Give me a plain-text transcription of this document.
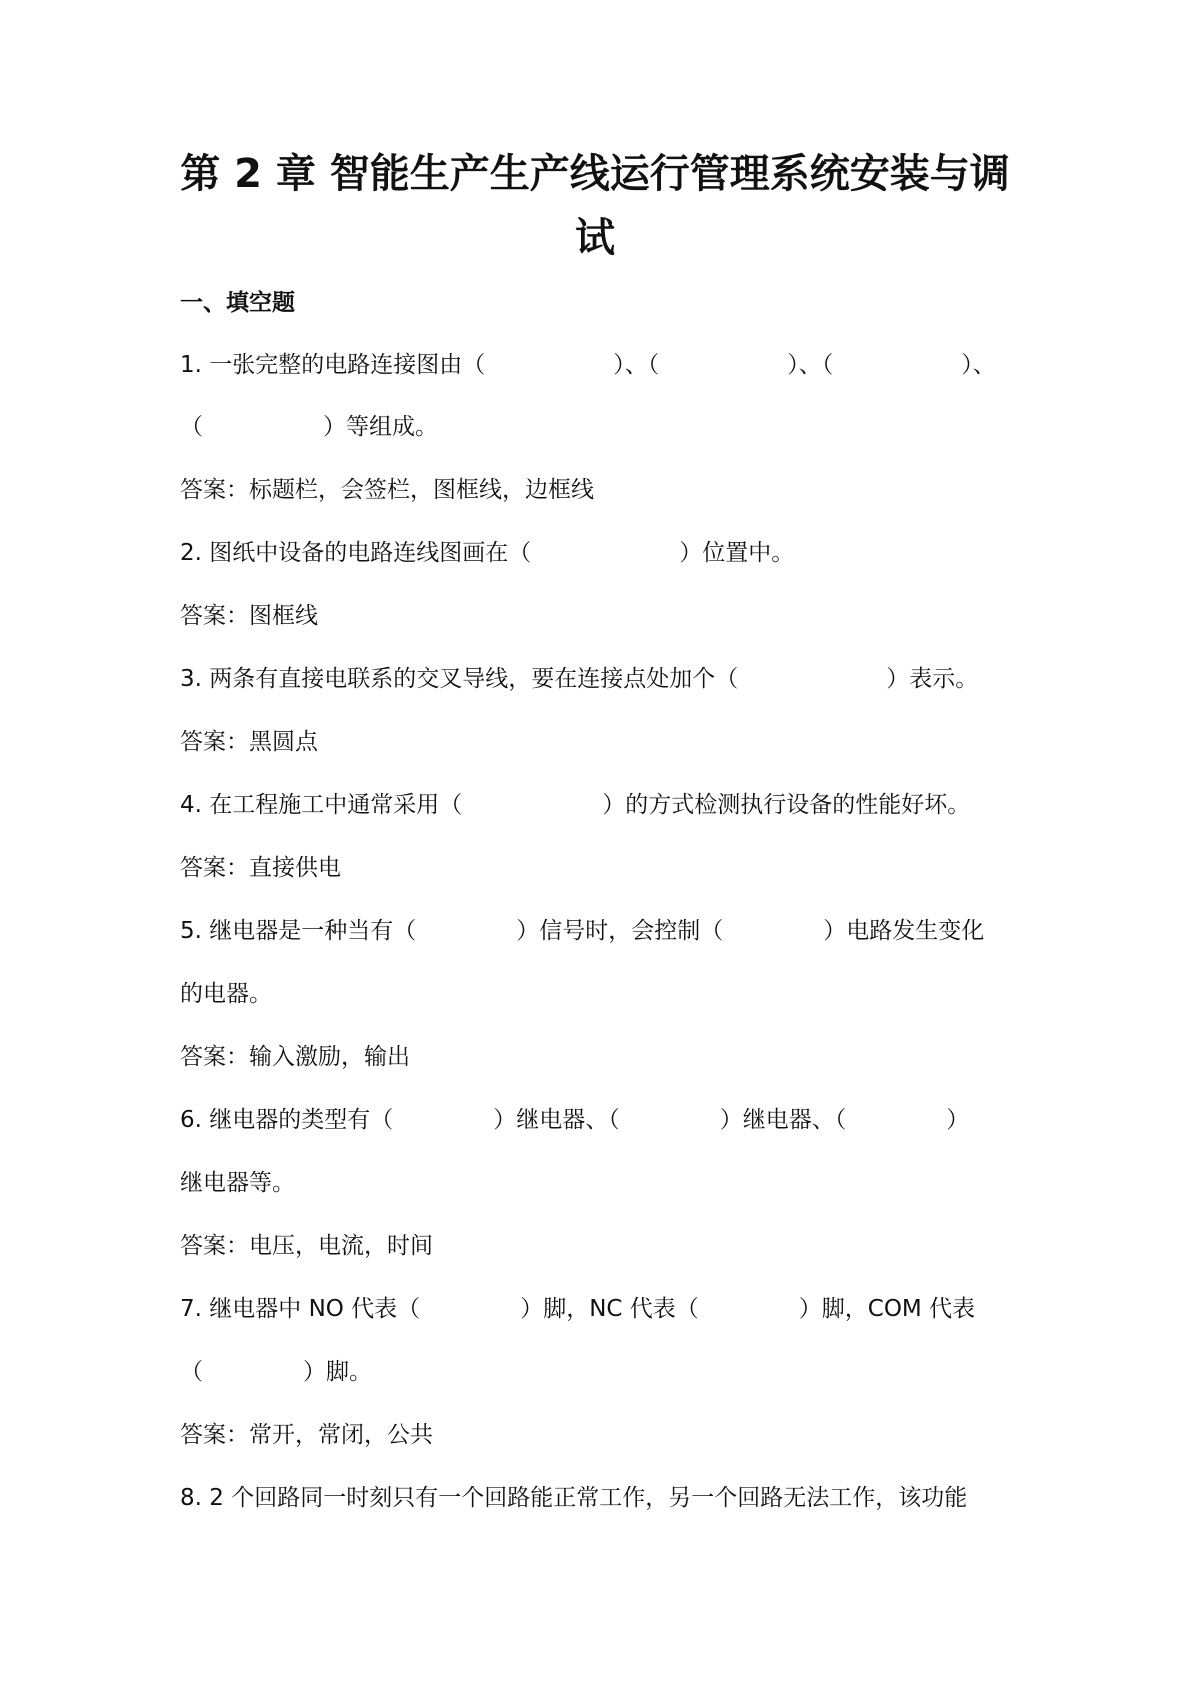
第 2 章 智能生产生产线运行管理系统安装与调
试
一、填空题
1. 一张完整的电路连接图由（	）、（	）、（	）、
（	）等组成。
答案：标题栏，会签栏，图框线，边框线
2. 图纸中设备的电路连线图画在（	）位置中。
答案：图框线
3. 两条有直接电联系的交叉导线，要在连接点处加个（	）表示。
答案：黑圆点
4. 在工程施工中通常采用（	）的方式检测执行设备的性能好坏。
答案：直接供电
5. 继电器是一种当有（	）信号时，会控制（	）电路发生变化
的电器。
答案：输入激励，输出
6. 继电器的类型有（	）继电器、（	）继电器、（	）
继电器等。
答案：电压，电流，时间
7. 继电器中 NO 代表（	）脚，NC 代表（	）脚，COM 代表
（	）脚。
答案：常开，常闭，公共
8. 2 个回路同一时刻只有一个回路能正常工作，另一个回路无法工作，该功能
